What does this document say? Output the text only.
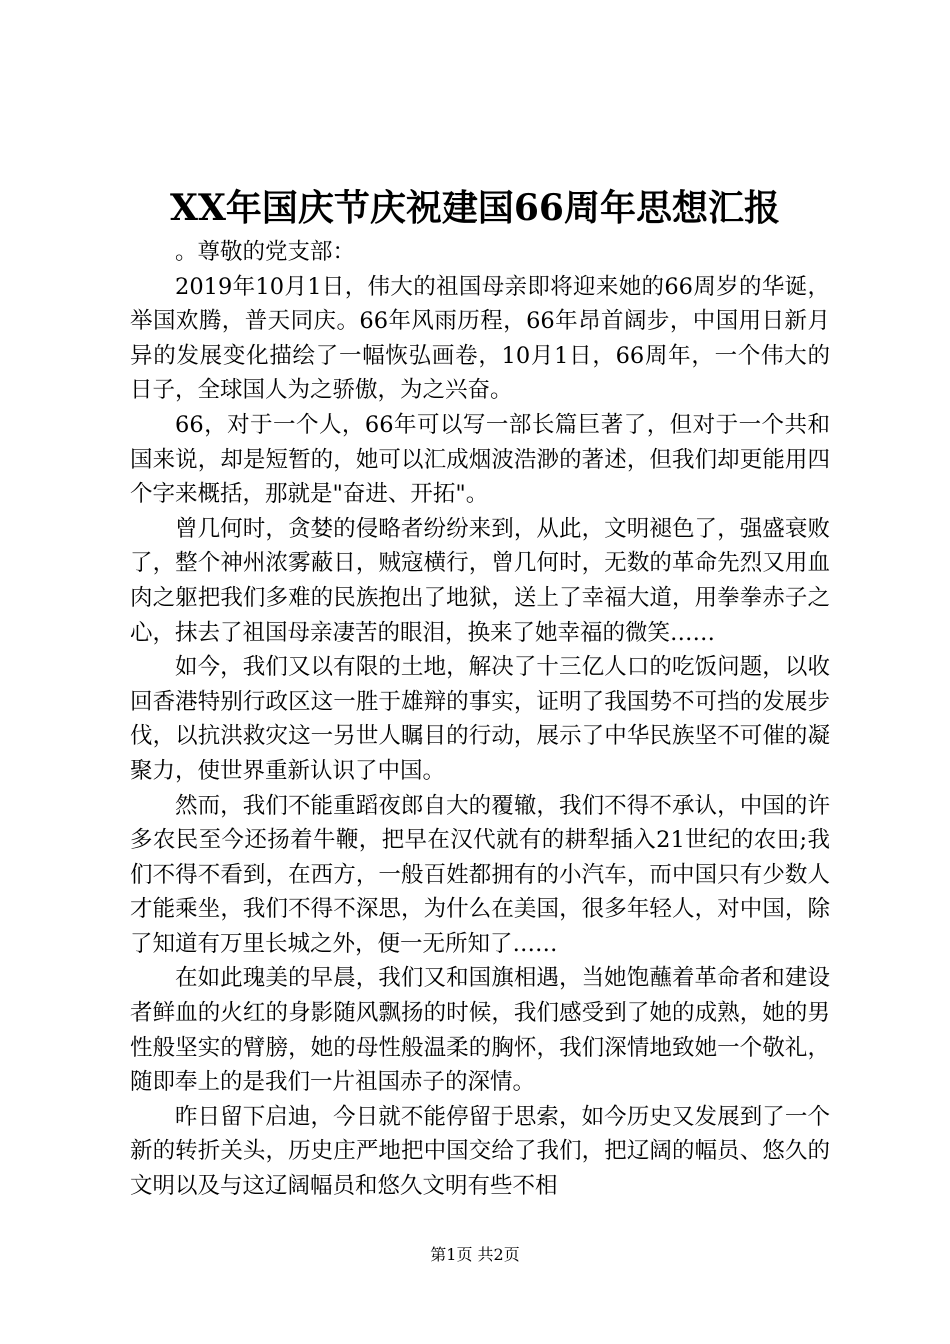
XX年国庆节庆祝建国66周年思想汇报

。尊敬的党支部：

2019年10月1日，伟大的祖国母亲即将迎来她的66周岁的华诞，举国欢腾，普天同庆。66年风雨历程，66年昂首阔步，中国用日新月异的发展变化描绘了一幅恢弘画卷，10月1日，66周年，一个伟大的日子，全球国人为之骄傲，为之兴奋。

66，对于一个人，66年可以写一部长篇巨著了，但对于一个共和国来说，却是短暂的，她可以汇成烟波浩渺的著述，但我们却更能用四个字来概括，那就是"奋进、开拓"。

曾几何时，贪婪的侵略者纷纷来到，从此，文明褪色了，强盛衰败了，整个神州浓雾蔽日，贼寇横行，曾几何时，无数的革命先烈又用血肉之躯把我们多难的民族抱出了地狱，送上了幸福大道，用拳拳赤子之心，抹去了祖国母亲凄苦的眼泪，换来了她幸福的微笑……

如今，我们又以有限的土地，解决了十三亿人口的吃饭问题，以收回香港特别行政区这一胜于雄辩的事实，证明了我国势不可挡的发展步伐，以抗洪救灾这一另世人瞩目的行动，展示了中华民族坚不可催的凝聚力，使世界重新认识了中国。

然而，我们不能重蹈夜郎自大的覆辙，我们不得不承认，中国的许多农民至今还扬着牛鞭，把早在汉代就有的耕犁插入21世纪的农田;我们不得不看到，在西方，一般百姓都拥有的小汽车，而中国只有少数人才能乘坐，我们不得不深思，为什么在美国，很多年轻人，对中国，除了知道有万里长城之外，便一无所知了……

在如此瑰美的早晨，我们又和国旗相遇，当她饱蘸着革命者和建设者鲜血的火红的身影随风飘扬的时候，我们感受到了她的成熟，她的男性般坚实的臂膀，她的母性般温柔的胸怀，我们深情地致她一个敬礼，随即奉上的是我们一片祖国赤子的深情。

昨日留下启迪，今日就不能停留于思索，如今历史又发展到了一个新的转折关头，历史庄严地把中国交给了我们，把辽阔的幅员、悠久的文明以及与这辽阔幅员和悠久文明有些不相

第1页 共2页
